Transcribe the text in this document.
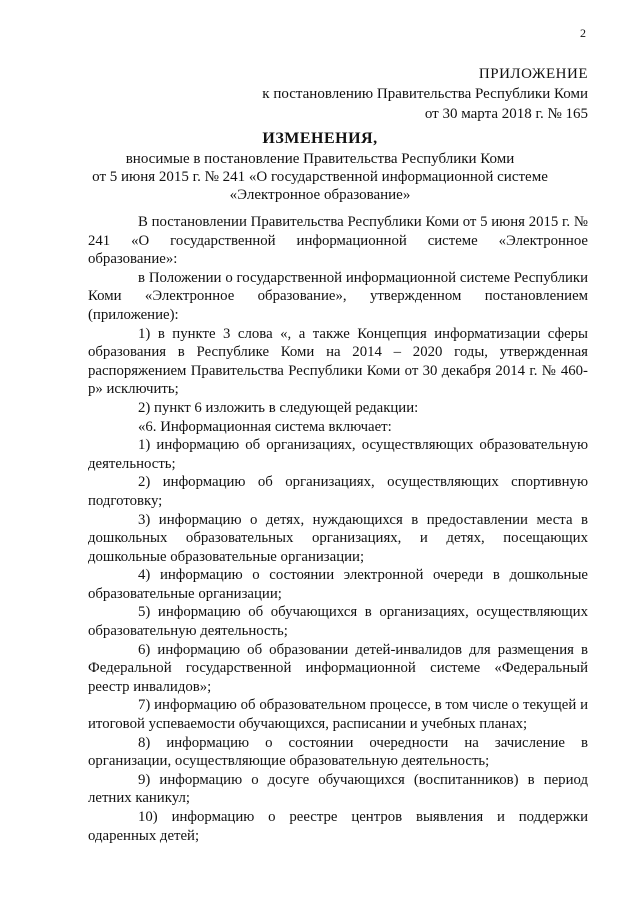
2
ПРИЛОЖЕНИЕ
к постановлению Правительства Республики Коми
от 30 марта 2018 г. № 165
ИЗМЕНЕНИЯ,
вносимые в постановление Правительства Республики Коми
от 5 июня 2015 г. № 241 «О государственной информационной системе
«Электронное образование»

В постановлении Правительства Республики Коми от 5 июня 2015 г. № 241 «О государственной информационной системе «Электронное образование»:

в Положении о государственной информационной системе Республики Коми «Электронное образование», утвержденном постановлением (приложение):

1) в пункте 3 слова «, а также Концепция информатизации сферы образования в Республике Коми на 2014 – 2020 годы, утвержденная распоряжением Правительства Республики Коми от 30 декабря 2014 г. № 460-р» исключить;

2) пункт 6 изложить в следующей редакции:

«6. Информационная система включает:

1) информацию об организациях, осуществляющих образовательную деятельность;

2) информацию об организациях, осуществляющих спортивную подготовку;

3) информацию о детях, нуждающихся в предоставлении места в дошкольных образовательных организациях, и детях, посещающих дошкольные образовательные организации;

4) информацию о состоянии электронной очереди в дошкольные образовательные организации;

5) информацию об обучающихся в организациях, осуществляющих образовательную деятельность;

6) информацию об образовании детей-инвалидов для размещения в Федеральной государственной информационной системе «Федеральный реестр инвалидов»;

7) информацию об образовательном процессе, в том числе о текущей и итоговой успеваемости обучающихся, расписании и учебных планах;

8) информацию о состоянии очередности на зачисление в организации, осуществляющие образовательную деятельность;

9) информацию о досуге обучающихся (воспитанников) в период летних каникул;

10) информацию о реестре центров выявления и поддержки одаренных детей;
